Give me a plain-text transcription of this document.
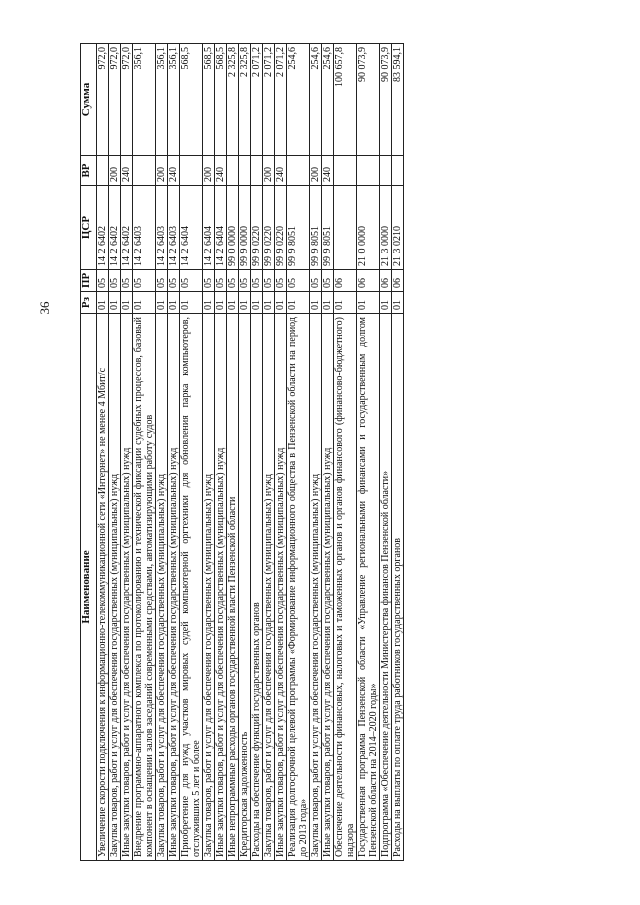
36
Наименование	Рз	ПР	ЦСР	ВР	Сумма
Увеличение скорости подключения к информационно-телекоммуникационной сети «Интернет» не менее 4 Мбит/с	01	05	14 2 6402		972,0
Закупка товаров, работ и услуг для обеспечения государственных (муниципальных) нужд	01	05	14 2 6402	200	972,0
Иные закупки товаров, работ и услуг для обеспечения государственных (муниципальных) нужд	01	05	14 2 6402	240	972,0
Внедрение программно-аппаратного комплекса по протоколированию и технической фиксации судебных процессов, базовый компонент в оснащении залов заседаний современными средствами, автоматизирующими работу судов	01	05	14 2 6403		356,1
Закупка товаров, работ и услуг для обеспечения государственных (муниципальных) нужд	01	05	14 2 6403	200	356,1
Иные закупки товаров, работ и услуг для обеспечения государственных (муниципальных) нужд	01	05	14 2 6403	240	356,1
Приобретение для нужд участков мировых судей компьютерной оргтехники для обновления парка компьютеров, отслуживших 5 лет и более	01	05	14 2 6404		568,5
Закупка товаров, работ и услуг для обеспечения государственных (муниципальных) нужд	01	05	14 2 6404	200	568,5
Иные закупки товаров, работ и услуг для обеспечения государственных (муниципальных) нужд	01	05	14 2 6404	240	568,5
Иные непрограммные расходы органов государственной власти Пензенской области	01	05	99 0 0000		2 325,8
Кредиторская задолженность	01	05	99 9 0000		2 325,8
Расходы на обеспечение функций государственных органов	01	05	99 9 0220		2 071,2
Закупка товаров, работ и услуг для обеспечения государственных (муниципальных) нужд	01	05	99 9 0220	200	2 071,2
Иные закупки товаров, работ и услуг для обеспечения государственных (муниципальных) нужд	01	05	99 9 0220	240	2 071,2
Реализация долгосрочной целевой программы «Формирование информационного общества в Пензенской области на период до 2013 года»	01	05	99 9 8051		254,6
Закупка товаров, работ и услуг для обеспечения государственных (муниципальных) нужд	01	05	99 9 8051	200	254,6
Иные закупки товаров, работ и услуг для обеспечения государственных (муниципальных) нужд	01	05	99 9 8051	240	254,6
Обеспечение деятельности финансовых, налоговых и таможенных органов и органов финансового (финансово-бюджетного) надзора	01	06			100 657,8
Государственная программа Пензенской области «Управление региональными финансами и государственным долгом Пензенской области на 2014–2020 годы»	01	06	21 0 0000		90 073,9
Подпрограмма «Обеспечение деятельности Министерства финансов Пензенской области»	01	06	21 3 0000		90 073,9
Расходы на выплаты по оплате труда работников государственных органов	01	06	21 3 0210		83 594,1
